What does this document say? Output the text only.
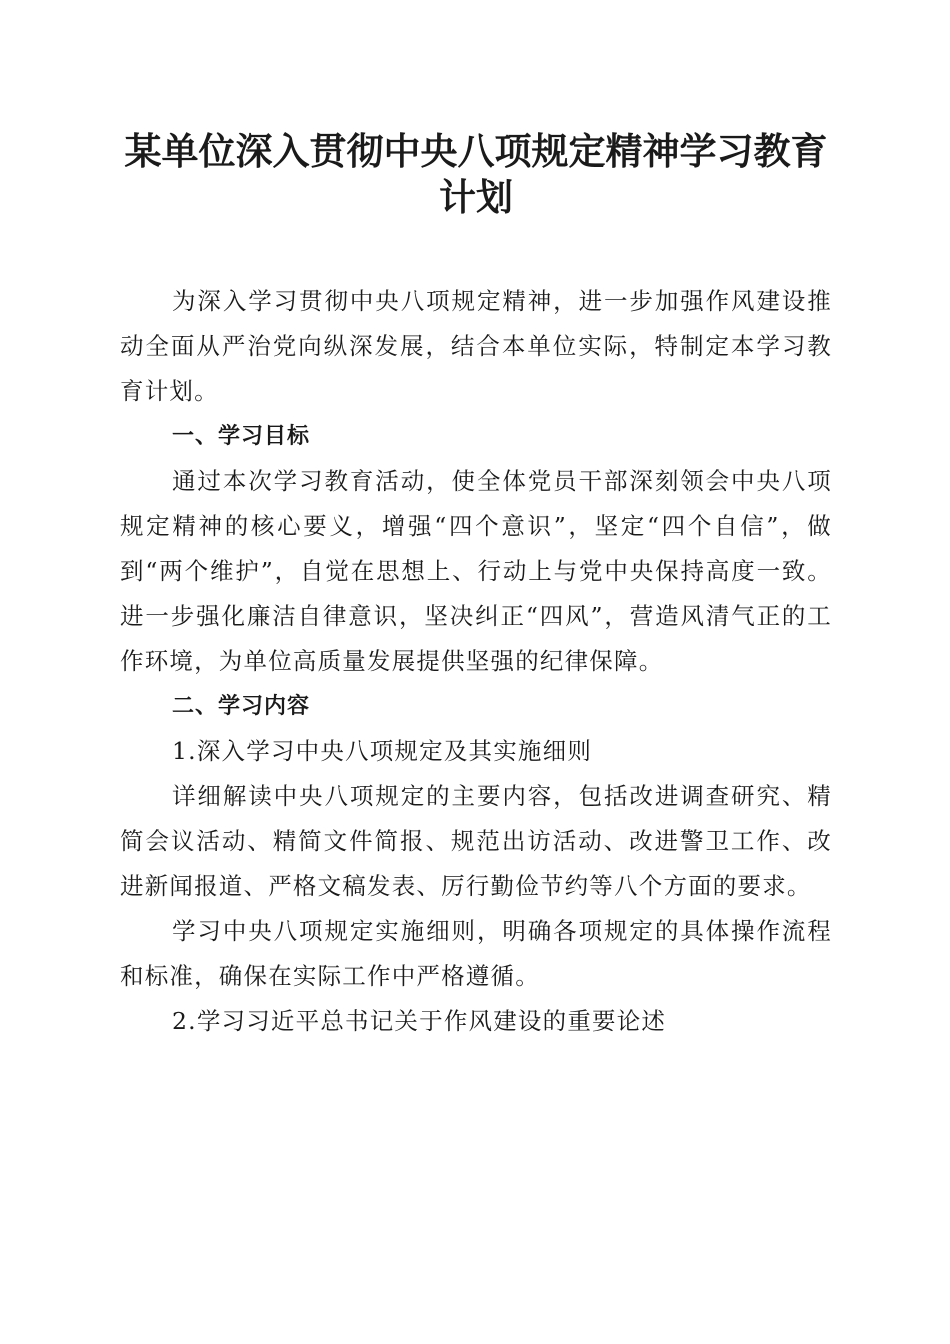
某单位深入贯彻中央八项规定精神学习教育计划

为深入学习贯彻中央八项规定精神，进一步加强作风建设推动全面从严治党向纵深发展，结合本单位实际，特制定本学习教育计划。

一、学习目标

通过本次学习教育活动，使全体党员干部深刻领会中央八项规定精神的核心要义，增强“四个意识”，坚定“四个自信”，做到“两个维护”，自觉在思想上、行动上与党中央保持高度一致。进一步强化廉洁自律意识，坚决纠正“四风”，营造风清气正的工作环境，为单位高质量发展提供坚强的纪律保障。

二、学习内容

1.深入学习中央八项规定及其实施细则

详细解读中央八项规定的主要内容，包括改进调查研究、精简会议活动、精简文件简报、规范出访活动、改进警卫工作、改进新闻报道、严格文稿发表、厉行勤俭节约等八个方面的要求。

学习中央八项规定实施细则，明确各项规定的具体操作流程和标准，确保在实际工作中严格遵循。

2.学习习近平总书记关于作风建设的重要论述
